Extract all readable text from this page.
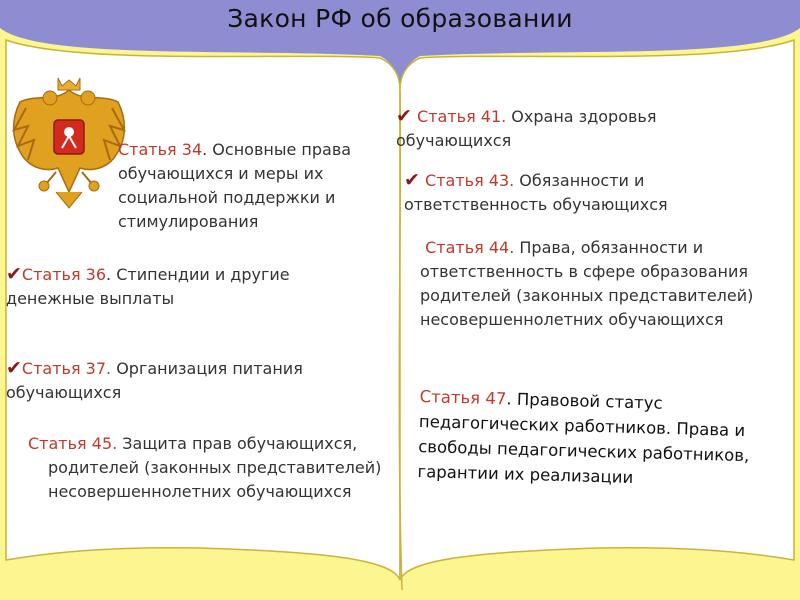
Закон РФ об образовании
Статья 34. Основные права обучающихся и меры их социальной поддержки и стимулирования
✔Статья 36. Стипендии и другие денежные выплаты
✔Статья 37. Организация питания обучающихся
Статья 45. Защита прав обучающихся, родителей (законных представителей) несовершеннолетних обучающихся
✔ Статья 41. Охрана здоровья обучающихся
✔ Статья 43. Обязанности и ответственность обучающихся
Статья 44. Права, обязанности и ответственность в сфере образования родителей (законных представителей) несовершеннолетних обучающихся
Статья 47. Правовой статус педагогических работников. Права и свободы педагогических работников, гарантии их реализации
